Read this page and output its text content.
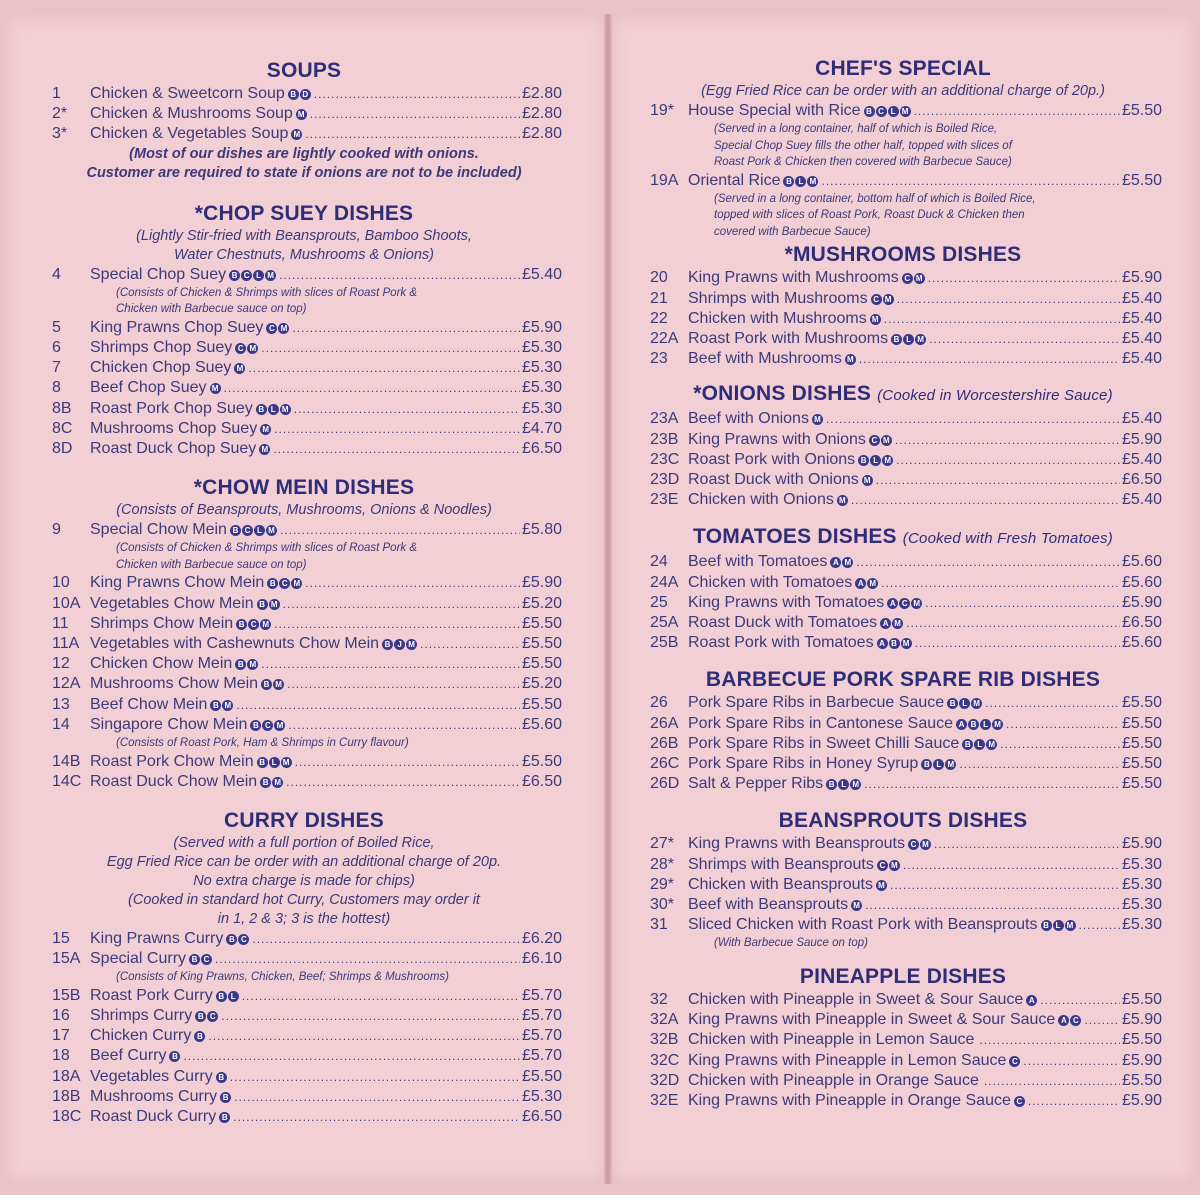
SOUPS
1	Chicken & Sweetcorn Soup B D .....	£2.80
2*	Chicken & Mushrooms Soup M .....	£2.80
3*	Chicken & Vegetables Soup M .....	£2.80

(Most of our dishes are lightly cooked with onions.
Customer are required to state if onions are not to be included)

*CHOP SUEY DISHES

(Lightly Stir-fried with Beansprouts, Bamboo Shoots,
Water Chestnuts, Mushrooms & Onions)

4	Special Chop Suey B C L M .....	£5.40

(Consists of Chicken & Shrimps with slices of Roast Pork &
Chicken with Barbecue sauce on top)

5	King Prawns Chop Suey C M .....	£5.90
6	Shrimps Chop Suey C M .....	£5.30
7	Chicken Chop Suey M .....	£5.30
8	Beef Chop Suey M .....	£5.30
8B	Roast Pork Chop Suey B L M .....	£5.30
8C	Mushrooms Chop Suey M .....	£4.70
8D	Roast Duck Chop Suey M .....	£6.50
*CHOW MEIN DISHES

(Consists of Beansprouts, Mushrooms, Onions & Noodles)

9	Special Chow Mein B C L M .....	£5.80

(Consists of Chicken & Shrimps with slices of Roast Pork &
Chicken with Barbecue sauce on top)

10	King Prawns Chow Mein B C M .....	£5.90
10A Vegetables Chow Mein B M .....	£5.20
11	Shrimps Chow Mein B C M .....	£5.50
11A Vegetables with Cashewnuts Chow Mein B J M .....	£5.50
12	Chicken Chow Mein B M .....	£5.50
12A Mushrooms Chow Mein B M .....	£5.20
13	Beef Chow Mein B M .....	£5.50
14	Singapore Chow Mein B C M .....	£5.60

(Consists of Roast Pork, Ham & Shrimps in Curry flavour)

14B Roast Pork Chow Mein B L M .....	£5.50
14C Roast Duck Chow Mein B M .....	£6.50
CURRY DISHES

(Served with a full portion of Boiled Rice,
Egg Fried Rice can be order with an additional charge of 20p.
No extra charge is made for chips)
(Cooked in standard hot Curry, Customers may order it
in 1, 2 & 3; 3 is the hottest)

15	King Prawns Curry B C .....	£6.20
15A Special Curry B C .....	£6.10

(Consists of King Prawns, Chicken, Beef; Shrimps & Mushrooms)

15B Roast Pork Curry B L .....	£5.70
16	Shrimps Curry B C .....	£5.70
17	Chicken Curry B .....	£5.70
18	Beef Curry B .....	£5.70
18A Vegetables Curry B .....	£5.50
18B Mushrooms Curry B .....	£5.30
18C Roast Duck Curry B .....	£6.50
CHEF'S SPECIAL

(Egg Fried Rice can be order with an additional charge of 20p.)

19* House Special with Rice B C L M .....	£5.50

(Served in a long container, half of which is Boiled Rice,
Special Chop Suey fills the other half, topped with slices of
Roast Pork & Chicken then covered with Barbecue Sauce)

19A Oriental Rice B L M .....	£5.50

(Served in a long container, bottom half of which is Boiled Rice,
topped with slices of Roast Pork, Roast Duck & Chicken then
covered with Barbecue Sauce)

*MUSHROOMS DISHES
20	King Prawns with Mushrooms C M .....	£5.90
21	Shrimps with Mushrooms C M .....	£5.40
22	Chicken with Mushrooms M .....	£5.40
22A Roast Pork with Mushrooms B L M .....	£5.40
23	Beef with Mushrooms M .....	£5.40
*ONIONS DISHES (Cooked in Worcestershire Sauce)
23A Beef with Onions M .....	£5.40
23B King Prawns with Onions C M .....	£5.90
23C Roast Pork with Onions B L M .....	£5.40
23D Roast Duck with Onions M .....	£6.50
23E Chicken with Onions M .....	£5.40
TOMATOES DISHES (Cooked with Fresh Tomatoes)
24	Beef with Tomatoes A M .....	£5.60
24A Chicken with Tomatoes A M .....	£5.60
25	King Prawns with Tomatoes A C M .....	£5.90
25A Roast Duck with Tomatoes A M .....	£6.50
25B Roast Pork with Tomatoes A B M .....	£5.60
BARBECUE PORK SPARE RIB DISHES
26	Pork Spare Ribs in Barbecue Sauce B L M .....	£5.50
26A Pork Spare Ribs in Cantonese Sauce A B L M .....	£5.50
26B Pork Spare Ribs in Sweet Chilli Sauce B L M .....	£5.50
26C Pork Spare Ribs in Honey Syrup B L M .....	£5.50
26D Salt & Pepper Ribs B L M .....	£5.50
BEANSPROUTS DISHES
27* King Prawns with Beansprouts C M .....	£5.90
28* Shrimps with Beansprouts C M .....	£5.30
29* Chicken with Beansprouts M .....	£5.30
30* Beef with Beansprouts M .....	£5.30
31	Sliced Chicken with Roast Pork with Beansprouts B L M .....	£5.30

(With Barbecue Sauce on top)

PINEAPPLE DISHES
32	Chicken with Pineapple in Sweet & Sour Sauce A .....	£5.50
32A King Prawns with Pineapple in Sweet & Sour Sauce A C .....	£5.90
32B Chicken with Pineapple in Lemon Sauce .....	£5.50
32C King Prawns with Pineapple in Lemon Sauce C .....	£5.90
32D Chicken with Pineapple in Orange Sauce .....	£5.50
32E King Prawns with Pineapple in Orange Sauce C .....	£5.90
